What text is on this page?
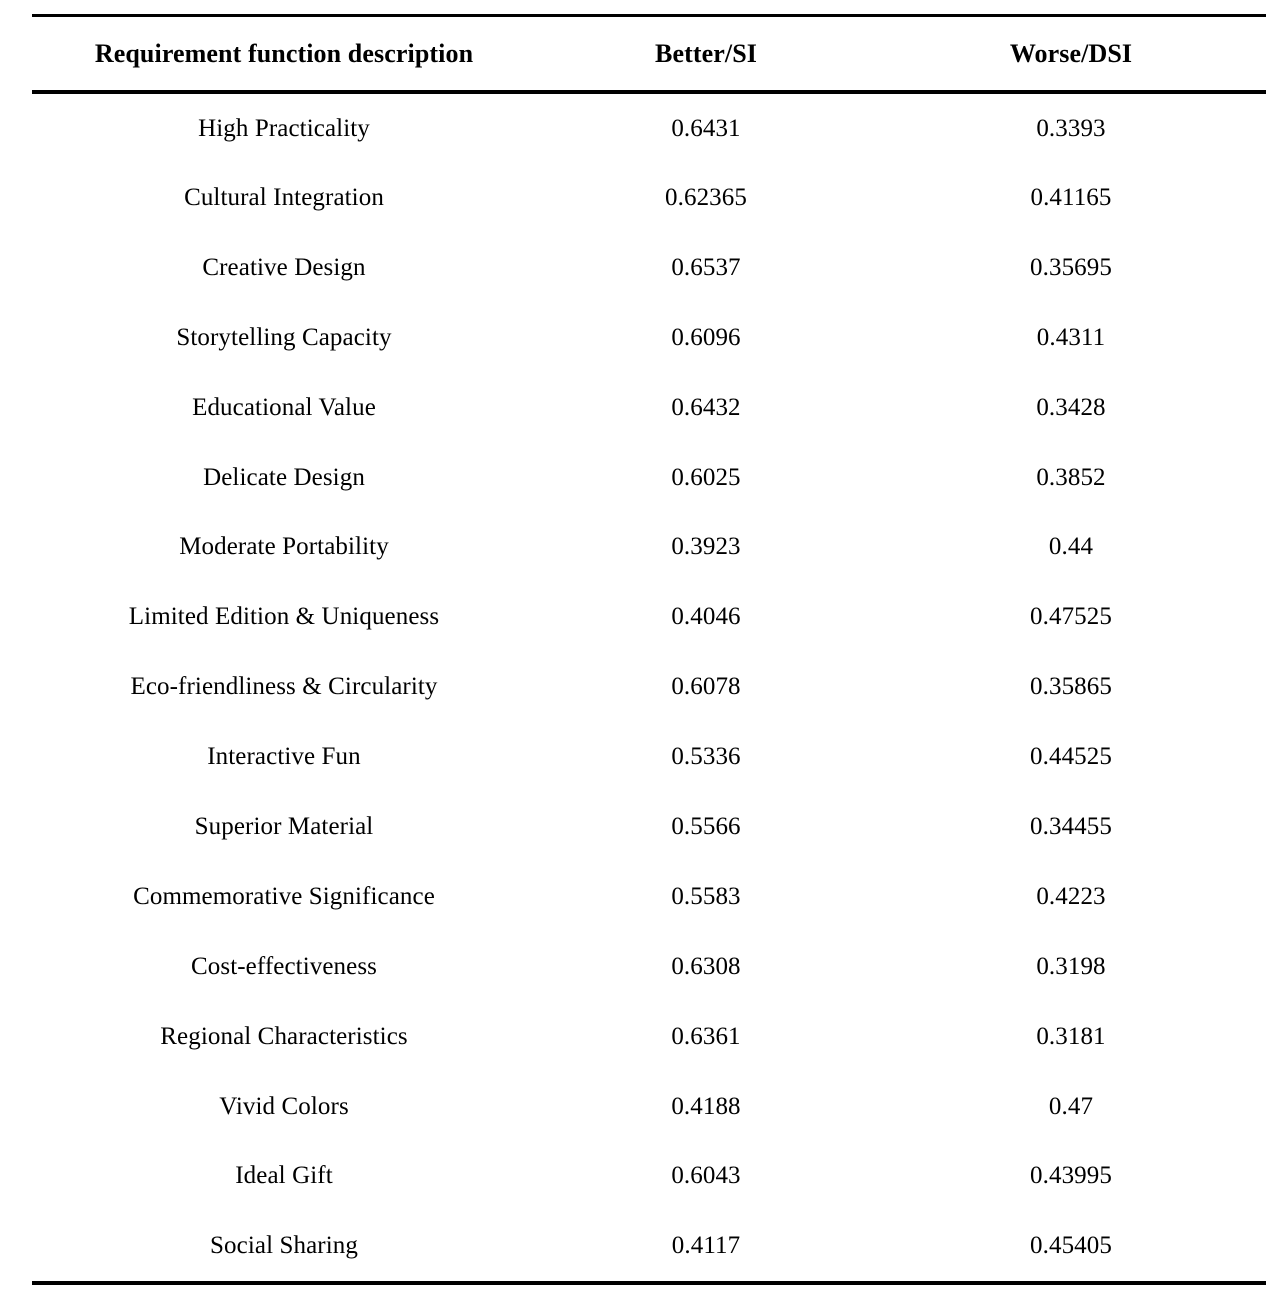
Requirement function description	Better/SI	Worse/DSI
High Practicality	0.6431	0.3393
Cultural Integration	0.62365	0.41165
Creative Design	0.6537	0.35695
Storytelling Capacity	0.6096	0.4311
Educational Value	0.6432	0.3428
Delicate Design	0.6025	0.3852
Moderate Portability	0.3923	0.44
Limited Edition & Uniqueness	0.4046	0.47525
Eco-friendliness & Circularity	0.6078	0.35865
Interactive Fun	0.5336	0.44525
Superior Material	0.5566	0.34455
Commemorative Significance	0.5583	0.4223
Cost-effectiveness	0.6308	0.3198
Regional Characteristics	0.6361	0.3181
Vivid Colors	0.4188	0.47
Ideal Gift	0.6043	0.43995
Social Sharing	0.4117	0.45405
